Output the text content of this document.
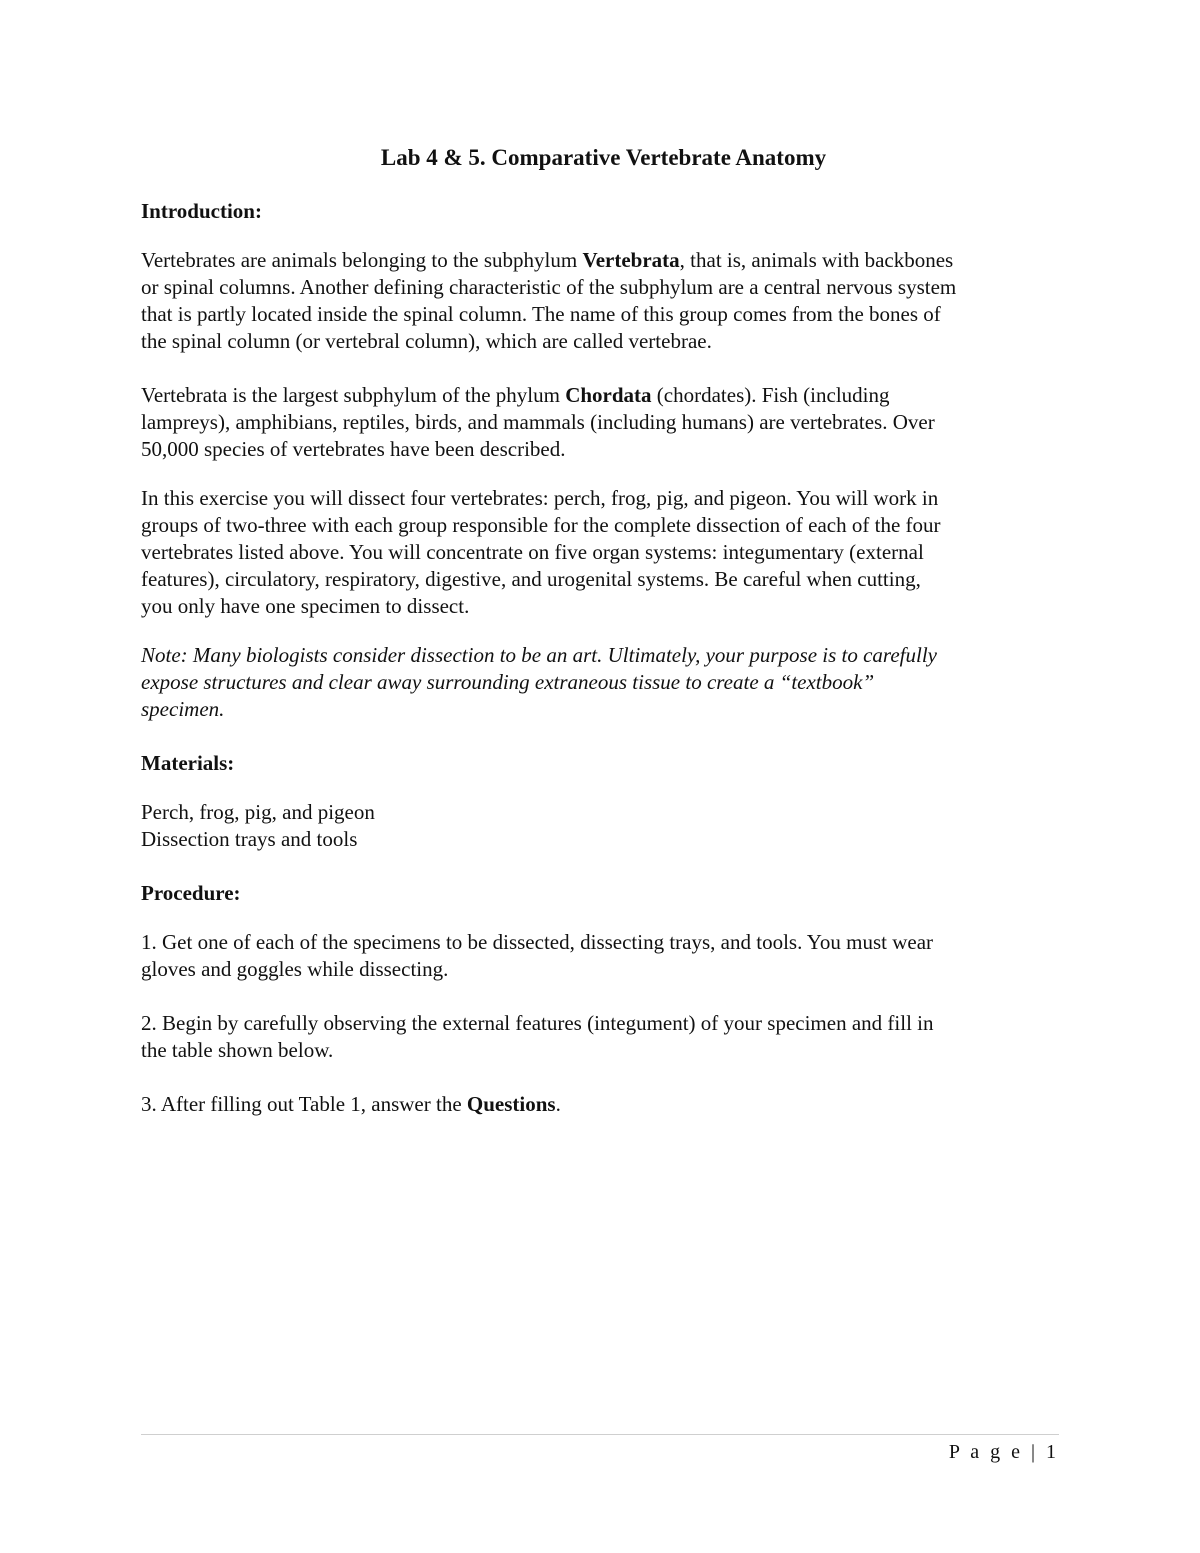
Lab 4 & 5. Comparative Vertebrate Anatomy
Introduction:
Vertebrates are animals belonging to the subphylum Vertebrata, that is, animals with backbones
or spinal columns. Another defining characteristic of the subphylum are a central nervous system
that is partly located inside the spinal column. The name of this group comes from the bones of
the spinal column (or vertebral column), which are called vertebrae.
Vertebrata is the largest subphylum of the phylum Chordata (chordates). Fish (including
lampreys), amphibians, reptiles, birds, and mammals (including humans) are vertebrates. Over
50,000 species of vertebrates have been described.
In this exercise you will dissect four vertebrates: perch, frog, pig, and pigeon. You will work in
groups of two-three with each group responsible for the complete dissection of each of the four
vertebrates listed above. You will concentrate on five organ systems: integumentary (external
features), circulatory, respiratory, digestive, and urogenital systems. Be careful when cutting,
you only have one specimen to dissect.
Note: Many biologists consider dissection to be an art. Ultimately, your purpose is to carefully
expose structures and clear away surrounding extraneous tissue to create a “textbook”
specimen.
Materials:
Perch, frog, pig, and pigeon
Dissection trays and tools
Procedure:
1. Get one of each of the specimens to be dissected, dissecting trays, and tools. You must wear
gloves and goggles while dissecting.
2. Begin by carefully observing the external features (integument) of your specimen and fill in
the table shown below.
3. After filling out Table 1, answer the Questions.
P a g e | 1
